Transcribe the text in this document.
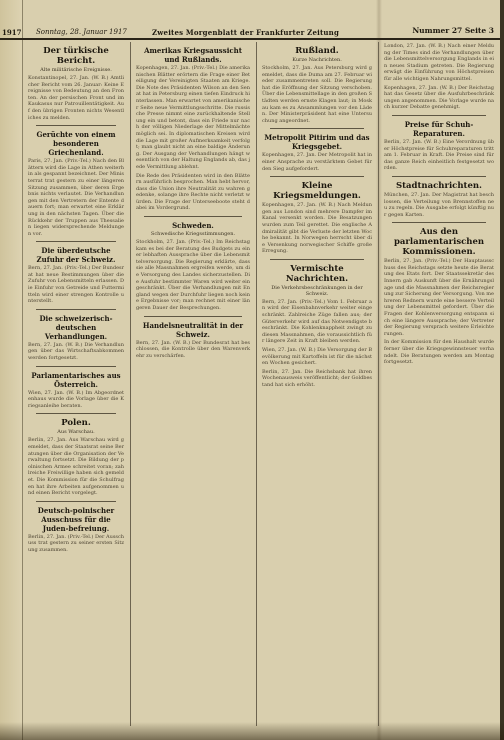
1917 Sonntag, 28. Januar 1917	Zweites Morgenblatt der Frankfurter Zeitung	Nummer 27 Seite 3
Der türkische Bericht.
Alte militärische Ereignisse.

Konstantinopel, 27. Jan. (W. B.) Amtlicher Bericht vom 26. Januar: Keine Ereignisse von Bedeutung an den Fronten. An der persischen Front und im Kaukasus nur Patrouillentätigkeit. Auf den übrigen Fronten nichts Wesentliches zu melden.

Gerüchte von einem besonderen Griechenland.

Paris, 27. Jan. (Priv.-Tel.) Nach den Blättern wird die Lage in Athen weiterhin als gespannt bezeichnet. Der Ministerrat trat gestern zu einer längeren Sitzung zusammen, über deren Ergebnis nichts verlautet. Die Verhandlungen mit den Vertretern der Entente dauern fort; man erwartet eine Erklärung in den nächsten Tagen. Über die Rückkehr der Truppen aus Thessalien liegen widersprechende Meldungen vor.

Die überdeutsche Zufuhr der Schweiz.

Bern, 27. Jan. (Priv.-Tel.) Der Bundesrat hat neue Bestimmungen über die Zufuhr von Lebensmitteln erlassen. Die Einfuhr von Getreide und Futtermitteln wird einer strengen Kontrolle unterstellt.

Die schweizerisch-deutschen Verhandlungen.

Bern, 27. Jan. (W. B.) Die Verhandlungen über das Wirtschaftsabkommen werden fortgesetzt.

Parlamentarisches aus Österreich.

Wien, 27. Jan. (W. B.) Im Abgeordnetenhaus wurde die Vorlage über die Kriegsanleihe beraten.

Polen.
Aus Warschau.

Berlin, 27. Jan. Aus Warschau wird gemeldet, dass der Staatsrat seine Beratungen über die Organisation der Verwaltung fortsetzt. Die Bildung der polnischen Armee schreitet voran; zahlreiche Freiwillige haben sich gemeldet. Die Kommission für die Schulfragen hat ihre Arbeiten aufgenommen und einen Bericht vorgelegt.

Deutsch-polnischer Ausschuss für die Juden-befreiung.

Berlin, 27. Jan. (Priv.-Tel.) Der Ausschuss trat gestern zu seiner ersten Sitzung zusammen.

Amerikas Kriegsaussicht und Rußlands.

Kopenhagen, 27. Jan. (Priv.-Tel.) Die amerikanischen Blätter erörtern die Frage einer Beteiligung der Vereinigten Staaten am Kriege. Die Note des Präsidenten Wilson an den Senat hat in Petersburg einen tiefen Eindruck hinterlassen. Man erwartet von amerikanischer Seite neue Vermittlungsschritte. Die russische Presse nimmt eine zurückhaltende Stellung ein und betont, dass ein Friede nur nach der völligen Niederlage der Mittelmächte möglich sei. In diplomatischen Kreisen wird die Lage mit großer Aufmerksamkeit verfolgt; man glaubt nicht an eine baldige Änderung. Der Ausgang der Verhandlungen hängt wesentlich von der Haltung Englands ab, das jede Vermittlung ablehnt.

Die Rede des Präsidenten wird in den Blättern ausführlich besprochen. Man hebt hervor, dass die Union ihre Neutralität zu wahren gedenke, solange ihre Rechte nicht verletzt würden. Die Frage der Unterseeboote steht dabei im Vordergrund.

Schweden.
Schwedische Kriegsstimmungen.

Stockholm, 27. Jan. (Priv.-Tel.) Im Reichstag kam es bei der Beratung des Budgets zu einer lebhaften Aussprache über die Lebensmittelversorgung. Die Regierung erklärte, dass sie alle Massnahmen ergreifen werde, um die Versorgung des Landes sicherzustellen. Die Ausfuhr bestimmter Waren wird weiter eingeschränkt. Über die Verhandlungen mit England wegen der Durchfuhr liegen noch keine Ergebnisse vor; man rechnet mit einer längeren Dauer der Besprechungen.

Handelsneutralität in der Schweiz.

Bern, 27. Jan. (W. B.) Der Bundesrat hat beschlossen, die Kontrolle über den Warenverkehr zu verschärfen.

Rußland.
Kurze Nachrichten.

Stockholm, 27. Jan. Aus Petersburg wird gemeldet, dass die Duma am 27. Februar wieder zusammentreten soll. Die Regierung hat die Eröffnung der Sitzung verschoben. Über die Lebensmittellage in den großen Städten werden ernste Klagen laut; in Moskau kam es zu Ansammlungen vor den Läden. Der Ministerpräsident hat eine Untersuchung angeordnet.

Metropolit Pitirim und das Kriegsgebet.

Kopenhagen, 27. Jan. Der Metropolit hat in einer Ansprache zu verstärktem Gebet für den Sieg aufgefordert.

Kleine Kriegsmeldungen.

Kopenhagen, 27. Jan. (W. B.) Nach Meldungen aus London sind mehrere Dampfer im Kanal versenkt worden. Die Besatzungen wurden zum Teil gerettet. Die englische Admiralität gibt die Verluste der letzten Woche bekannt. In Norwegen herrscht über die Versenkung norwegischer Schiffe große Erregung.

Vermischte Nachrichten.
Die Verkehrsbeschränkungen in der Schweiz.

Bern, 27. Jan. (Priv.-Tel.) Vom 1. Februar an wird der Eisenbahnverkehr weiter eingeschränkt. Zahlreiche Züge fallen aus; der Güterverkehr wird auf das Notwendigste beschränkt. Die Kohlenknappheit zwingt zu diesen Massnahmen, die voraussichtlich für längere Zeit in Kraft bleiben werden.

Wien, 27. Jan. (W. B.) Die Versorgung der Bevölkerung mit Kartoffeln ist für die nächsten Wochen gesichert.

Berlin, 27. Jan. Die Reichsbank hat ihren Wochenausweis veröffentlicht; der Goldbestand hat sich erhöht.

London, 27. Jan. (W. B.) Nach einer Meldung der Times sind die Verhandlungen über die Lebensmittelversorgung Englands in ein neues Stadium getreten. Die Regierung erwägt die Einführung von Höchstpreisen für alle wichtigen Nahrungsmittel.

Kopenhagen, 27. Jan. (W. B.) Der Reichstag hat das Gesetz über die Ausfuhrbeschränkungen angenommen. Die Vorlage wurde nach kurzer Debatte genehmigt.

Preise für Schuh-Reparaturen.

Berlin, 27. Jan. (W. B.) Eine Verordnung über Höchstpreise für Schuhreparaturen tritt am 1. Februar in Kraft. Die Preise sind für das ganze Reich einheitlich festgesetzt worden.

Stadtnachrichten.

München, 27. Jan. Der Magistrat hat beschlossen, die Verteilung von Brennstoffen neu zu regeln. Die Ausgabe erfolgt künftig nur gegen Karten.

Aus den parlamentarischen Kommissionen.

Berlin, 27. Jan. (Priv.-Tel.) Der Hauptausschuss des Reichstags setzte heute die Beratung des Etats fort. Der Staatssekretär des Innern gab Auskunft über die Ernährungslage und die Massnahmen der Reichsregierung zur Sicherung der Versorgung. Von mehreren Rednern wurde eine bessere Verteilung der Lebensmittel gefordert. Über die Fragen der Kohlenversorgung entspann sich eine längere Aussprache; der Vertreter der Regierung versprach weitere Erleichterungen.

In der Kommission für den Haushalt wurde ferner über die Kriegsgewinnsteuer verhandelt. Die Beratungen werden am Montag fortgesetzt.
